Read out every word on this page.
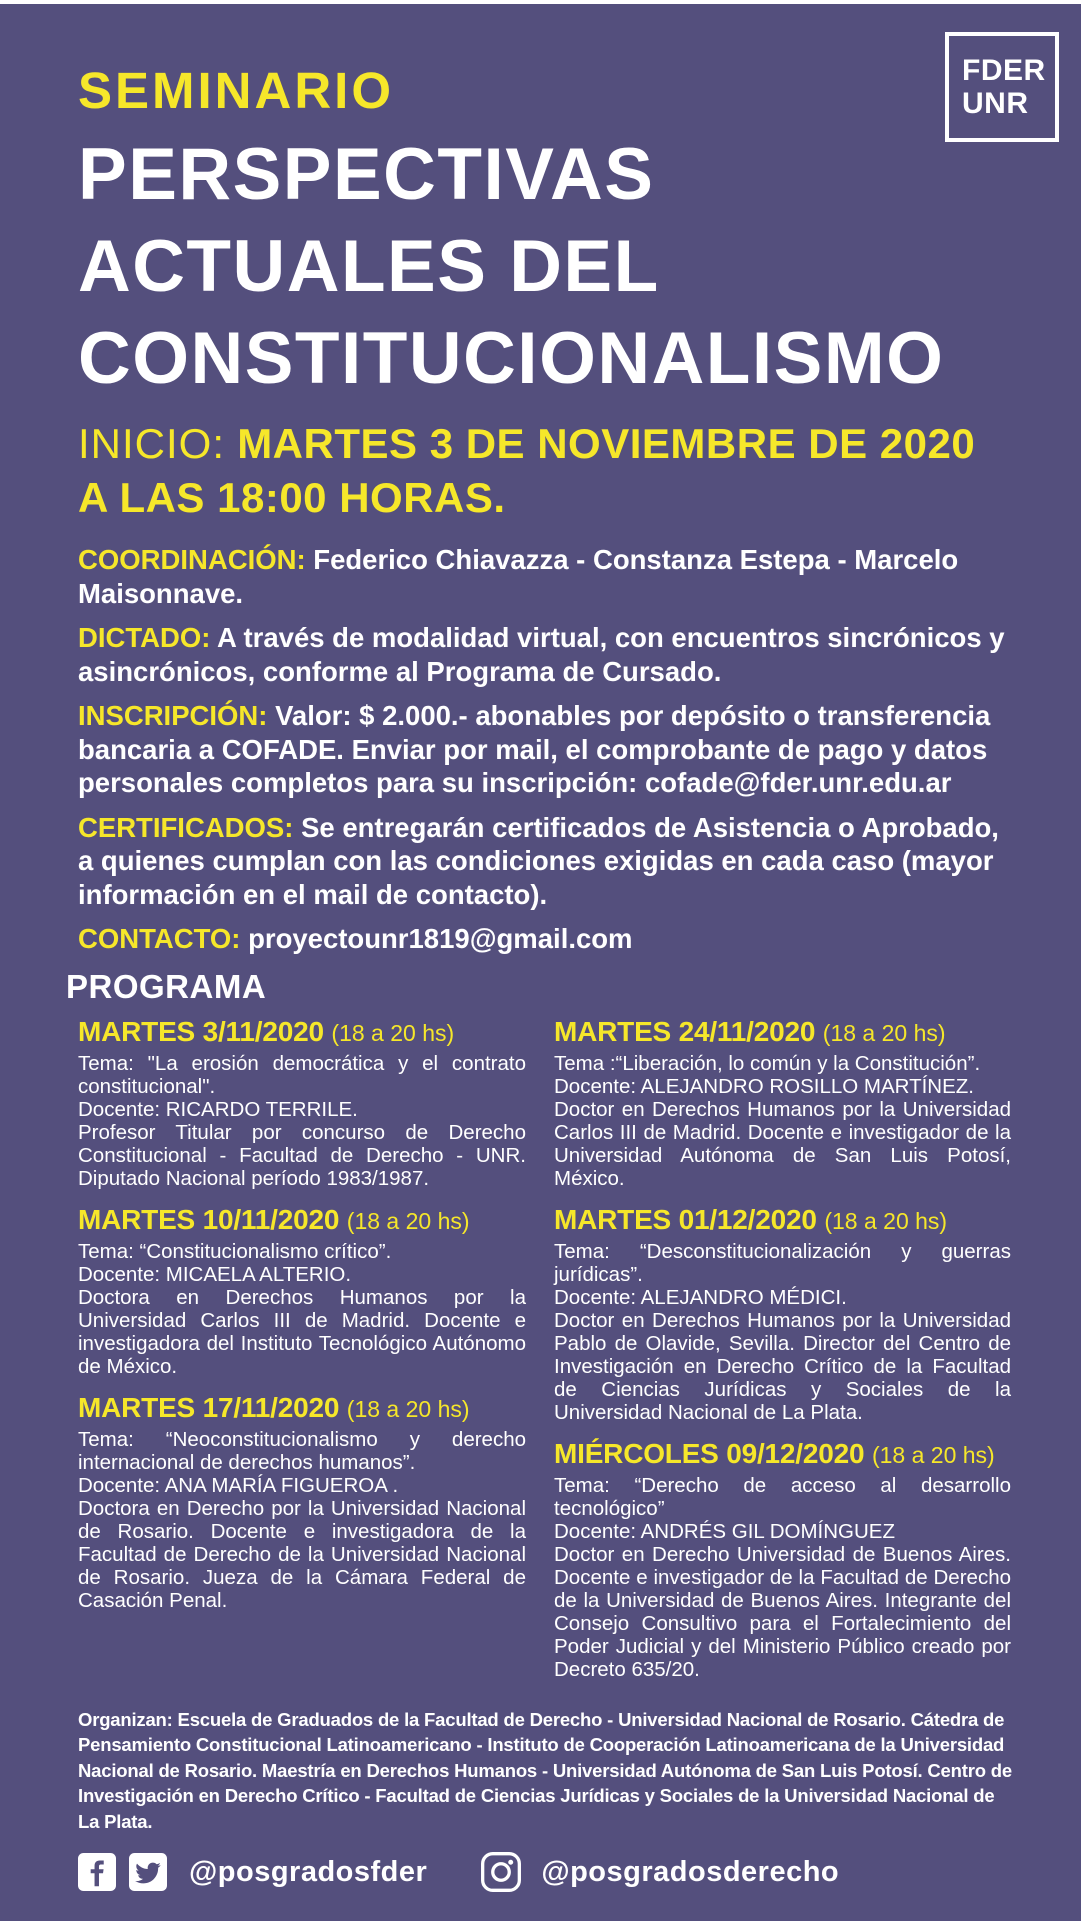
FDER
UNR
SEMINARIO
PERSPECTIVAS
ACTUALES DEL
CONSTITUCIONALISMO
INICIO: MARTES 3 DE NOVIEMBRE DE 2020
A LAS 18:00 HORAS.

COORDINACIÓN: Federico Chiavazza - Constanza Estepa - Marcelo Maisonnave.

DICTADO: A través de modalidad virtual, con encuentros sincrónicos y asincrónicos, conforme al Programa de Cursado.

INSCRIPCIÓN: Valor: $ 2.000.- abonables por depósito o transferencia bancaria a COFADE. Enviar por mail, el comprobante de pago y datos personales completos para su inscripción: cofade@fder.unr.edu.ar

CERTIFICADOS: Se entregarán certificados de Asistencia o Aprobado, a quienes cumplan con las condiciones exigidas en cada caso (mayor información en el mail de contacto).

CONTACTO: proyectounr1819@gmail.com

PROGRAMA
MARTES 3/11/2020 (18 a 20 hs)

Tema: "La erosión democrática y el contrato constitucional".

Docente: RICARDO TERRILE.

Profesor Titular por concurso de Derecho Constitucional - Facultad de Derecho - UNR. Diputado Nacional período 1983/1987.

MARTES 10/11/2020 (18 a 20 hs)

Tema: “Constitucionalismo crítico”.

Docente: MICAELA ALTERIO.

Doctora en Derechos Humanos por la Universidad Carlos III de Madrid. Docente e investigadora del Instituto Tecnológico Autónomo de México.

MARTES 17/11/2020 (18 a 20 hs)

Tema: “Neoconstitucionalismo y derecho internacional de derechos humanos”.

Docente: ANA MARÍA FIGUEROA .

Doctora en Derecho por la Universidad Nacional de Rosario. Docente e investigadora de la Facultad de Derecho de la Universidad Nacional de Rosario. Jueza de la Cámara Federal de Casación Penal.

MARTES 24/11/2020 (18 a 20 hs)

Tema :“Liberación, lo común y la Constitución”.

Docente: ALEJANDRO ROSILLO MARTÍNEZ.

Doctor en Derechos Humanos por la Universidad Carlos III de Madrid. Docente e investigador de la Universidad Autónoma de San Luis Potosí, México.

MARTES 01/12/2020 (18 a 20 hs)

Tema: “Desconstitucionalización y guerras jurídicas”.

Docente: ALEJANDRO MÉDICI.

Doctor en Derechos Humanos por la Universidad Pablo de Olavide, Sevilla. Director del Centro de Investigación en Derecho Crítico de la Facultad de Ciencias Jurídicas y Sociales de la Universidad Nacional de La Plata.

MIÉRCOLES 09/12/2020 (18 a 20 hs)

Tema: “Derecho de acceso al desarrollo tecnológico”

Docente: ANDRÉS GIL DOMÍNGUEZ

Doctor en Derecho Universidad de Buenos Aires. Docente e investigador de la Facultad de Derecho de la Universidad de Buenos Aires. Integrante del Consejo Consultivo para el Fortalecimiento del Poder Judicial y del Ministerio Público creado por Decreto 635/20.

Organizan: Escuela de Graduados de la Facultad de Derecho - Universidad Nacional de Rosario. Cátedra de Pensamiento Constitucional Latinoamericano - Instituto de Cooperación Latinoamericana de la Universidad Nacional de Rosario. Maestría en Derechos Humanos - Universidad Autónoma de San Luis Potosí. Centro de Investigación en Derecho Crítico - Facultad de Ciencias Jurídicas y Sociales de la Universidad Nacional de La Plata.

@posgradosfder	@posgradosderecho
